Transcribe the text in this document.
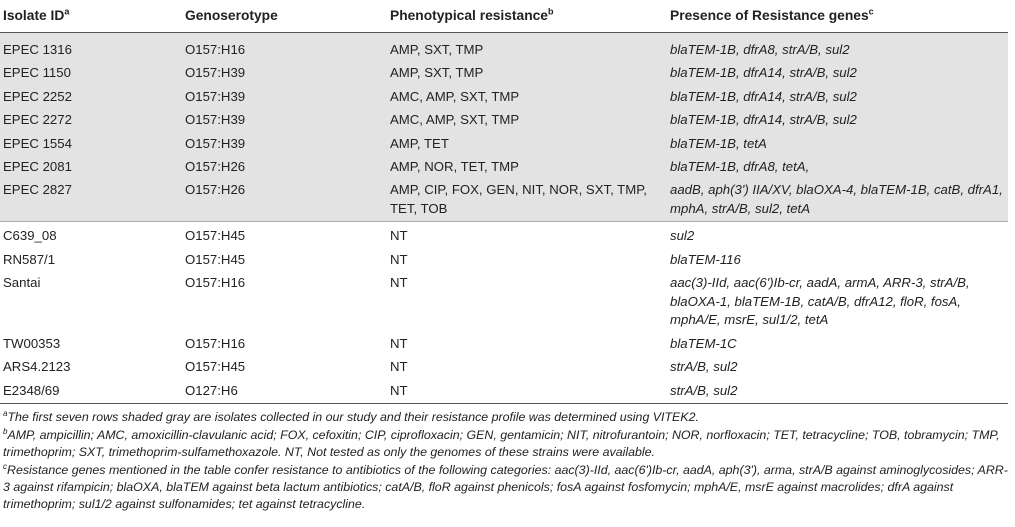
Isolate $ID^a$	Genoserotype	Phenotypical resistance$^b$	Presence of Resistance genes$^c$
EPEC 1316	O157:H16	AMP, SXT, TMP	blaTEM-1B, dfrA8, strA/B, sul2
EPEC 1150	O157:H39	AMP, SXT, TMP	blaTEM-1B, dfrA14, strA/B, sul2
EPEC 2252	O157:H39	AMC, AMP, SXT, TMP	blaTEM-1B, dfrA14, strA/B, sul2
EPEC 2272	O157:H39	AMC, AMP, SXT, TMP	blaTEM-1B, dfrA14, strA/B, sul2
EPEC 1554	O157:H39	AMP, TET	blaTEM-1B, tetA
EPEC 2081	O157:H26	AMP, NOR, TET, TMP	blaTEM-1B, dfrA8, tetA,
EPEC 2827	O157:H26	AMP, CIP, FOX, GEN, NIT, NOR, SXT, TMP, TET, TOB	aadB, aph(3') IIA/XV, blaOXA-4, blaTEM-1B, catB, dfrA1, mphA, strA/B, sul2, tetA
C639_08	O157:H45	NT	sul2
RN587/1	O157:H45	NT	blaTEM-116
Santai	O157:H16	NT	aac(3)-IId, aac(6')Ib-cr, aadA, armA, ARR-3, strA/B, blaOXA-1, blaTEM-1B, catA/B, dfrA12, floR, fosA, mphA/E, msrE, sul1/2, tetA
TW00353	O157:H16	NT	blaTEM-1C
ARS4.2123	O157:H45	NT	strA/B, sul2
E2348/69	O127:H6	NT	strA/B, sul2

$^a$The first seven rows shaded gray are isolates collected in our study and their resistance profile was determined using VITEK2.

$^b$AMP, ampicillin; AMC, amoxicillin-clavulanic acid; FOX, cefoxitin; CIP, ciprofloxacin; GEN, gentamicin; NIT, nitrofurantoin; NOR, norfloxacin; TET, tetracycline; TOB, tobramycin; TMP, trimethoprim; SXT, trimethoprim-sulfamethoxazole. NT, Not tested as only the genomes of these strains were available.

$^c$Resistance genes mentioned in the table confer resistance to antibiotics of the following categories: aac(3)-IId, aac(6')Ib-cr, aadA, aph(3'), arma, strA/B against aminoglycosides; ARR-3 against rifampicin; blaOXA, blaTEM against beta lactum antibiotics; catA/B, floR against phenicols; fosA against fosfomycin; mphA/E, msrE against macrolides; dfrA against trimethoprim; sul1/2 against sulfonamides; tet against tetracycline.
